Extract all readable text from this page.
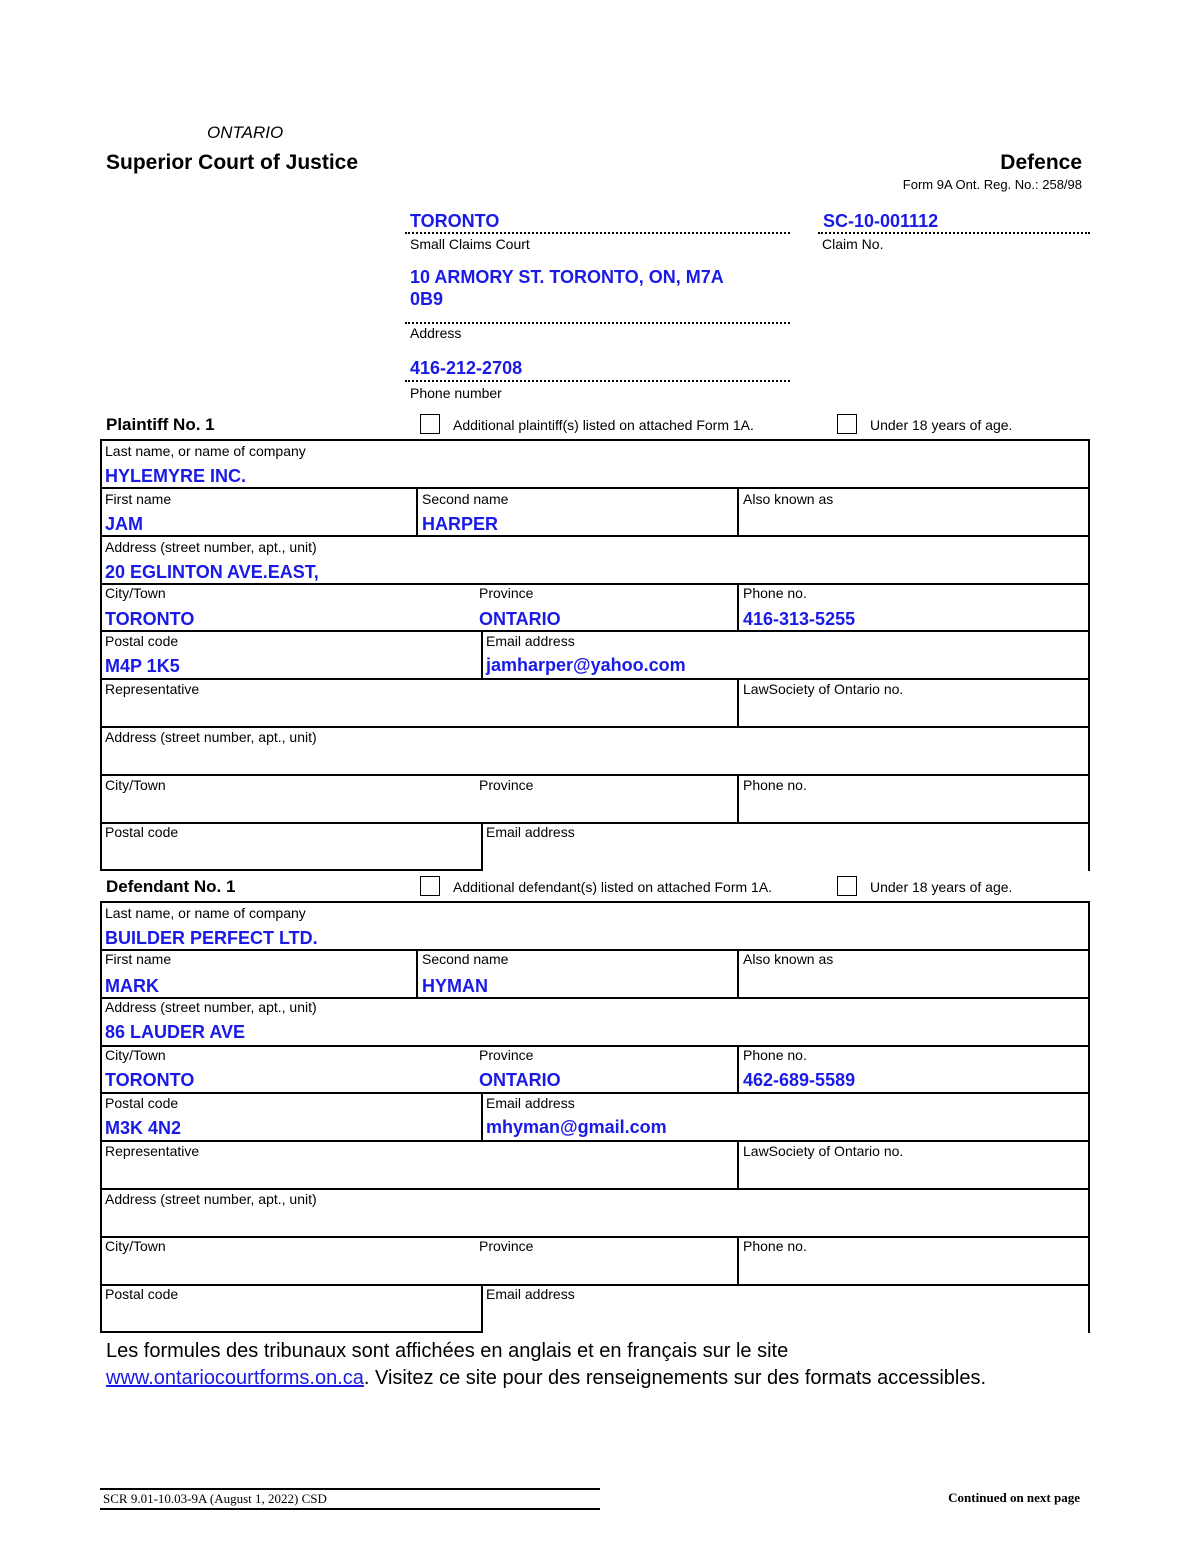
ONTARIO
Superior Court of Justice	Defence
Form 9A Ont. Reg. No.: 258/98
TORONTO
Small Claims Court
SC-10-001112
Claim No.
10 ARMORY ST. TORONTO, ON, M7A
0B9
Address
416-212-2708
Phone number
Plaintiff No. 1	Additional plaintiff(s) listed on attached Form 1A.	Under 18 years of age.
Last name, or name of company
HYLEMYRE INC.
First name
JAM
Second name
HARPER
Also known as
Address (street number, apt., unit)
20 EGLINTON AVE.EAST,
City/Town
TORONTO
Province
ONTARIO
Phone no.
416-313-5255
Postal code
M4P 1K5
Email address
jamharper@yahoo.com
Representative	LawSociety of Ontario no.
Address (street number, apt., unit)
City/Town	Province	Phone no.
Postal code	Email address
Defendant No. 1	Additional defendant(s) listed on attached Form 1A.	Under 18 years of age.
Last name, or name of company
BUILDER PERFECT LTD.
First name
MARK
Second name
HYMAN
Also known as
Address (street number, apt., unit)
86 LAUDER AVE
City/Town
TORONTO
Province
ONTARIO
Phone no.
462-689-5589
Postal code
M3K 4N2
Email address
mhyman@gmail.com
Representative	LawSociety of Ontario no.
Address (street number, apt., unit)
City/Town	Province	Phone no.
Postal code	Email address
Les formules des tribunaux sont affichées en anglais et en français sur le site
www.ontariocourtforms.on.ca. Visitez ce site pour des renseignements sur des formats accessibles.
SCR 9.01-10.03-9A (August 1, 2022) CSD	Continued on next page
